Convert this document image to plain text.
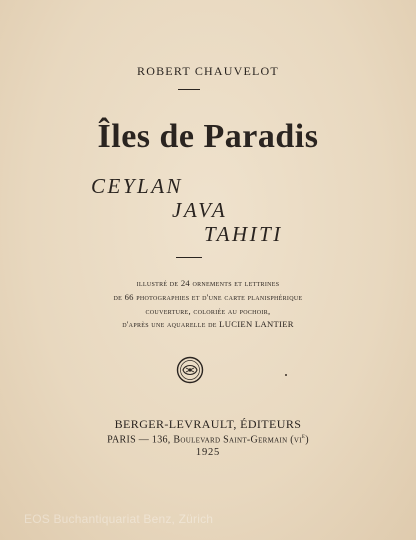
ROBERT CHAUVELOT
Îles de Paradis
CEYLAN
JAVA
TAHITI
illustré de 24 ornements et lettrines
de 66 photographies et d'une carte planisphérique
couverture, coloriée au pochoir,
d'après une aquarelle de LUCIEN LANTIER
BERGER-LEVRAULT, ÉDITEURS
PARIS — 136, Boulevard Saint-Germain $(vi^e)$
1925
EOS Buchantiquariat Benz, Zürich
